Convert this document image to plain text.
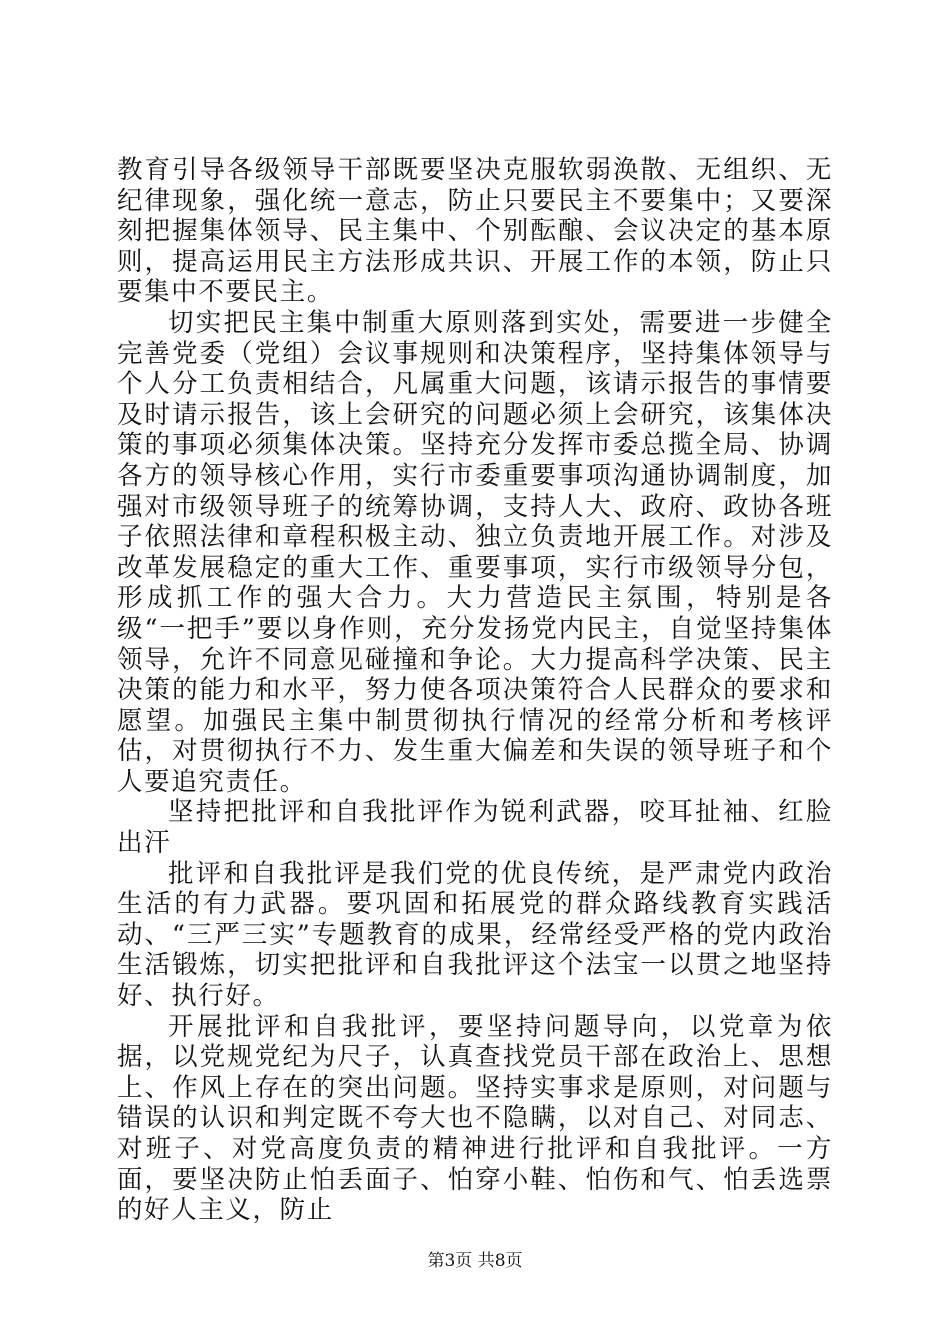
教育引导各级领导干部既要坚决克服软弱涣散、无组织、无纪律现象，强化统一意志，防止只要民主不要集中；又要深刻把握集体领导、民主集中、个别酝酿、会议决定的基本原则，提高运用民主方法形成共识、开展工作的本领，防止只要集中不要民主。

切实把民主集中制重大原则落到实处，需要进一步健全完善党委（党组）会议事规则和决策程序，坚持集体领导与个人分工负责相结合，凡属重大问题，该请示报告的事情要及时请示报告，该上会研究的问题必须上会研究，该集体决策的事项必须集体决策。坚持充分发挥市委总揽全局、协调各方的领导核心作用，实行市委重要事项沟通协调制度，加强对市级领导班子的统筹协调，支持人大、政府、政协各班子依照法律和章程积极主动、独立负责地开展工作。对涉及改革发展稳定的重大工作、重要事项，实行市级领导分包，形成抓工作的强大合力。大力营造民主氛围，特别是各级“一把手”要以身作则，充分发扬党内民主，自觉坚持集体领导，允许不同意见碰撞和争论。大力提高科学决策、民主决策的能力和水平，努力使各项决策符合人民群众的要求和愿望。加强民主集中制贯彻执行情况的经常分析和考核评估，对贯彻执行不力、发生重大偏差和失误的领导班子和个人要追究责任。

坚持把批评和自我批评作为锐利武器，咬耳扯袖、红脸出汗

批评和自我批评是我们党的优良传统，是严肃党内政治生活的有力武器。要巩固和拓展党的群众路线教育实践活动、“三严三实”专题教育的成果，经常经受严格的党内政治生活锻炼，切实把批评和自我批评这个法宝一以贯之地坚持好、执行好。

开展批评和自我批评，要坚持问题导向，以党章为依据，以党规党纪为尺子，认真查找党员干部在政治上、思想上、作风上存在的突出问题。坚持实事求是原则，对问题与错误的认识和判定既不夸大也不隐瞒，以对自己、对同志、对班子、对党高度负责的精神进行批评和自我批评。一方面，要坚决防止怕丢面子、怕穿小鞋、怕伤和气、怕丢选票的好人主义，防止

第3页 共8页
